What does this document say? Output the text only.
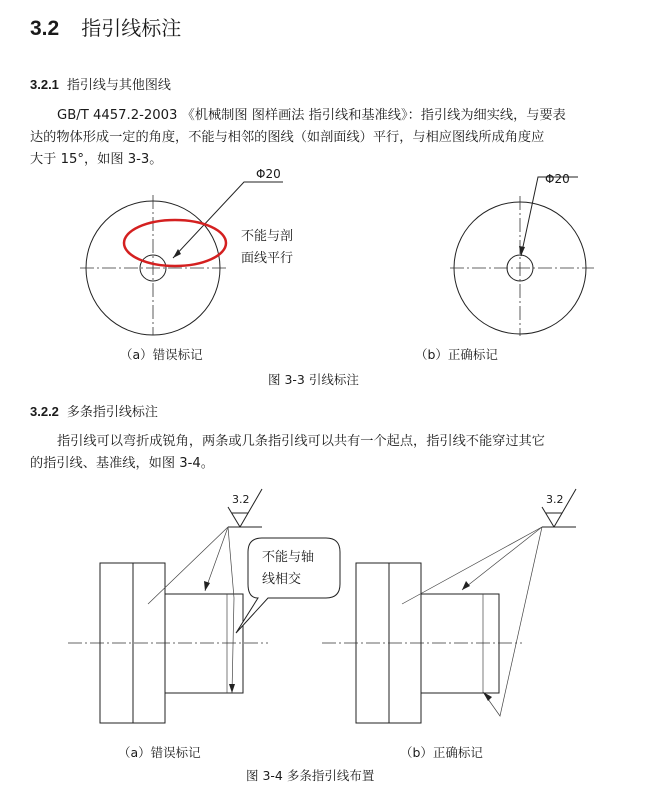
3.2 指引线标注
3.2.1 指引线与其他图线
GB/T 4457.2-2003 《机械制图 图样画法 指引线和基准线》：指引线为细实线，与要表
达的物体形成一定的角度，不能与相邻的图线（如剖面线）平行，与相应图线所成角度应
大于 15°，如图 3-3。
Φ20
不能与剖
面线平行
Φ20
不能与轴
线相交
3.2	3.2
（a）错误标记	（b）正确标记
图 3-3 引线标注
3.2.2 多条指引线标注
指引线可以弯折成锐角，两条或几条指引线可以共有一个起点，指引线不能穿过其它
的指引线、基准线，如图 3-4。
（a）错误标记	（b）正确标记
图 3-4 多条指引线布置
